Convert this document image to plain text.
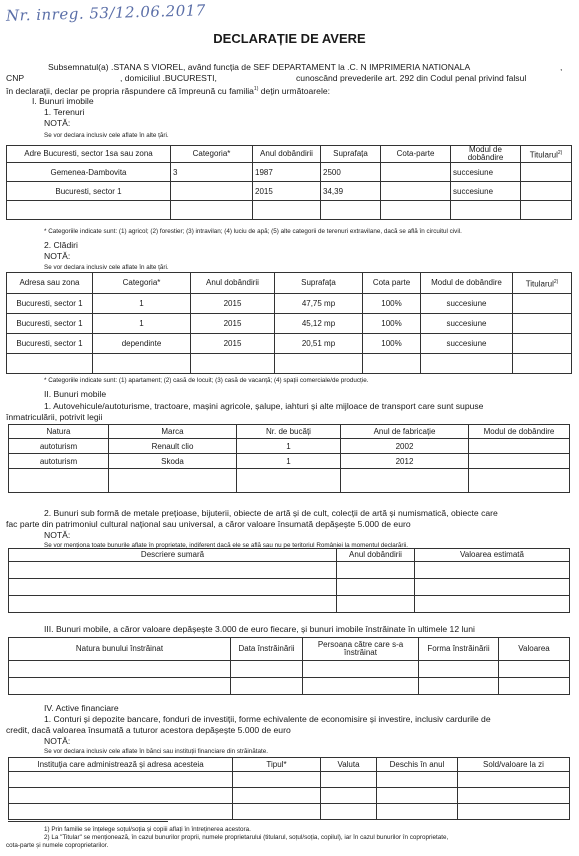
Nr. inreg. 53/12.06.2017
DECLARAȚIE DE AVERE
Subsemnatul(a) .STANA S VIOREL, având funcția de SEF DEPARTAMENT la .C. N IMPRIMERIA NATIONALA	,
CNP	, domiciliul .BUCURESTI,	cunoscând prevederile art. 292 din Codul penal privind falsul
în declarații, declar pe propria răspundere că împreună cu familia$^{1)}$ dețin următoarele:
I. Bunuri imobile
1. Terenuri
NOTĂ:
Se vor declara inclusiv cele aflate în alte țări.
Adre Bucuresti, sector 1sa sau zona	Categoria*	Anul dobândirii	Suprafața	Cota-parte	Modul de dobândire	Titularul$^{2)}$
Gemenea-Dambovita	3	1987	2500		succesiune	
Bucuresti, sector 1		2015	34,39		succesiune	

* Categoriile indicate sunt: (1) agricol; (2) forestier; (3) intravilan; (4) luciu de apă; (5) alte categorii de terenuri extravilane, dacă se află în circuitul civil.
2. Clădiri
NOTĂ:
Se vor declara inclusiv cele aflate în alte țări.
Adresa sau zona	Categoria*	Anul dobândirii	Suprafața	Cota parte	Modul de dobândire	Titularul$^{2)}$
Bucuresti, sector 1	1	2015	47,75 mp	100%	succesiune	
Bucuresti, sector 1	1	2015	45,12 mp	100%	succesiune	
Bucuresti, sector 1	dependinte	2015	20,51 mp	100%	succesiune	

* Categoriile indicate sunt: (1) apartament; (2) casă de locuit; (3) casă de vacanță; (4) spații comerciale/de producție.
II. Bunuri mobile
1. Autovehicule/autoturisme, tractoare, mașini agricole, șalupe, iahturi și alte mijloace de transport care sunt supuse
înmatriculării, potrivit legii
Natura	Marca	Nr. de bucăți	Anul de fabricație	Modul de dobândire
autoturism	Renault clio	1	2002	
autoturism	Skoda	1	2012	

2. Bunuri sub formă de metale prețioase, bijuterii, obiecte de artă și de cult, colecții de artă și numismatică, obiecte care
fac parte din patrimoniul cultural național sau universal, a căror valoare însumată depășește 5.000 de euro
NOTĂ:
Se vor menționa toate bunurile aflate în proprietate, indiferent dacă ele se află sau nu pe teritoriul României la momentul declarării.
Descriere sumară	Anul dobândirii	Valoarea estimată

III. Bunuri mobile, a căror valoare depășește 3.000 de euro fiecare, și bunuri imobile înstrăinate în ultimele 12 luni
Natura bunului înstrăinat	Data înstrăinării	Persoana către care s-a înstrăinat	Forma înstrăinării	Valoarea

IV. Active financiare
1. Conturi și depozite bancare, fonduri de investiții, forme echivalente de economisire și investire, inclusiv cardurile de
credit, dacă valoarea însumată a tuturor acestora depășește 5.000 de euro
NOTĂ:
Se vor declara inclusiv cele aflate în bănci sau instituții financiare din străinătate.
Instituția care administrează și adresa acesteia	Tipul*	Valuta	Deschis în anul	Sold/valoare la zi

1) Prin familie se înțelege soțul/soția și copiii aflați în întreținerea acestora.
2) La "Titular" se menționează, în cazul bunurilor proprii, numele proprietarului (titularul, soțul/soția, copilul), iar în cazul bunurilor în coproprietate,
cota-parte și numele coproprietarilor.
